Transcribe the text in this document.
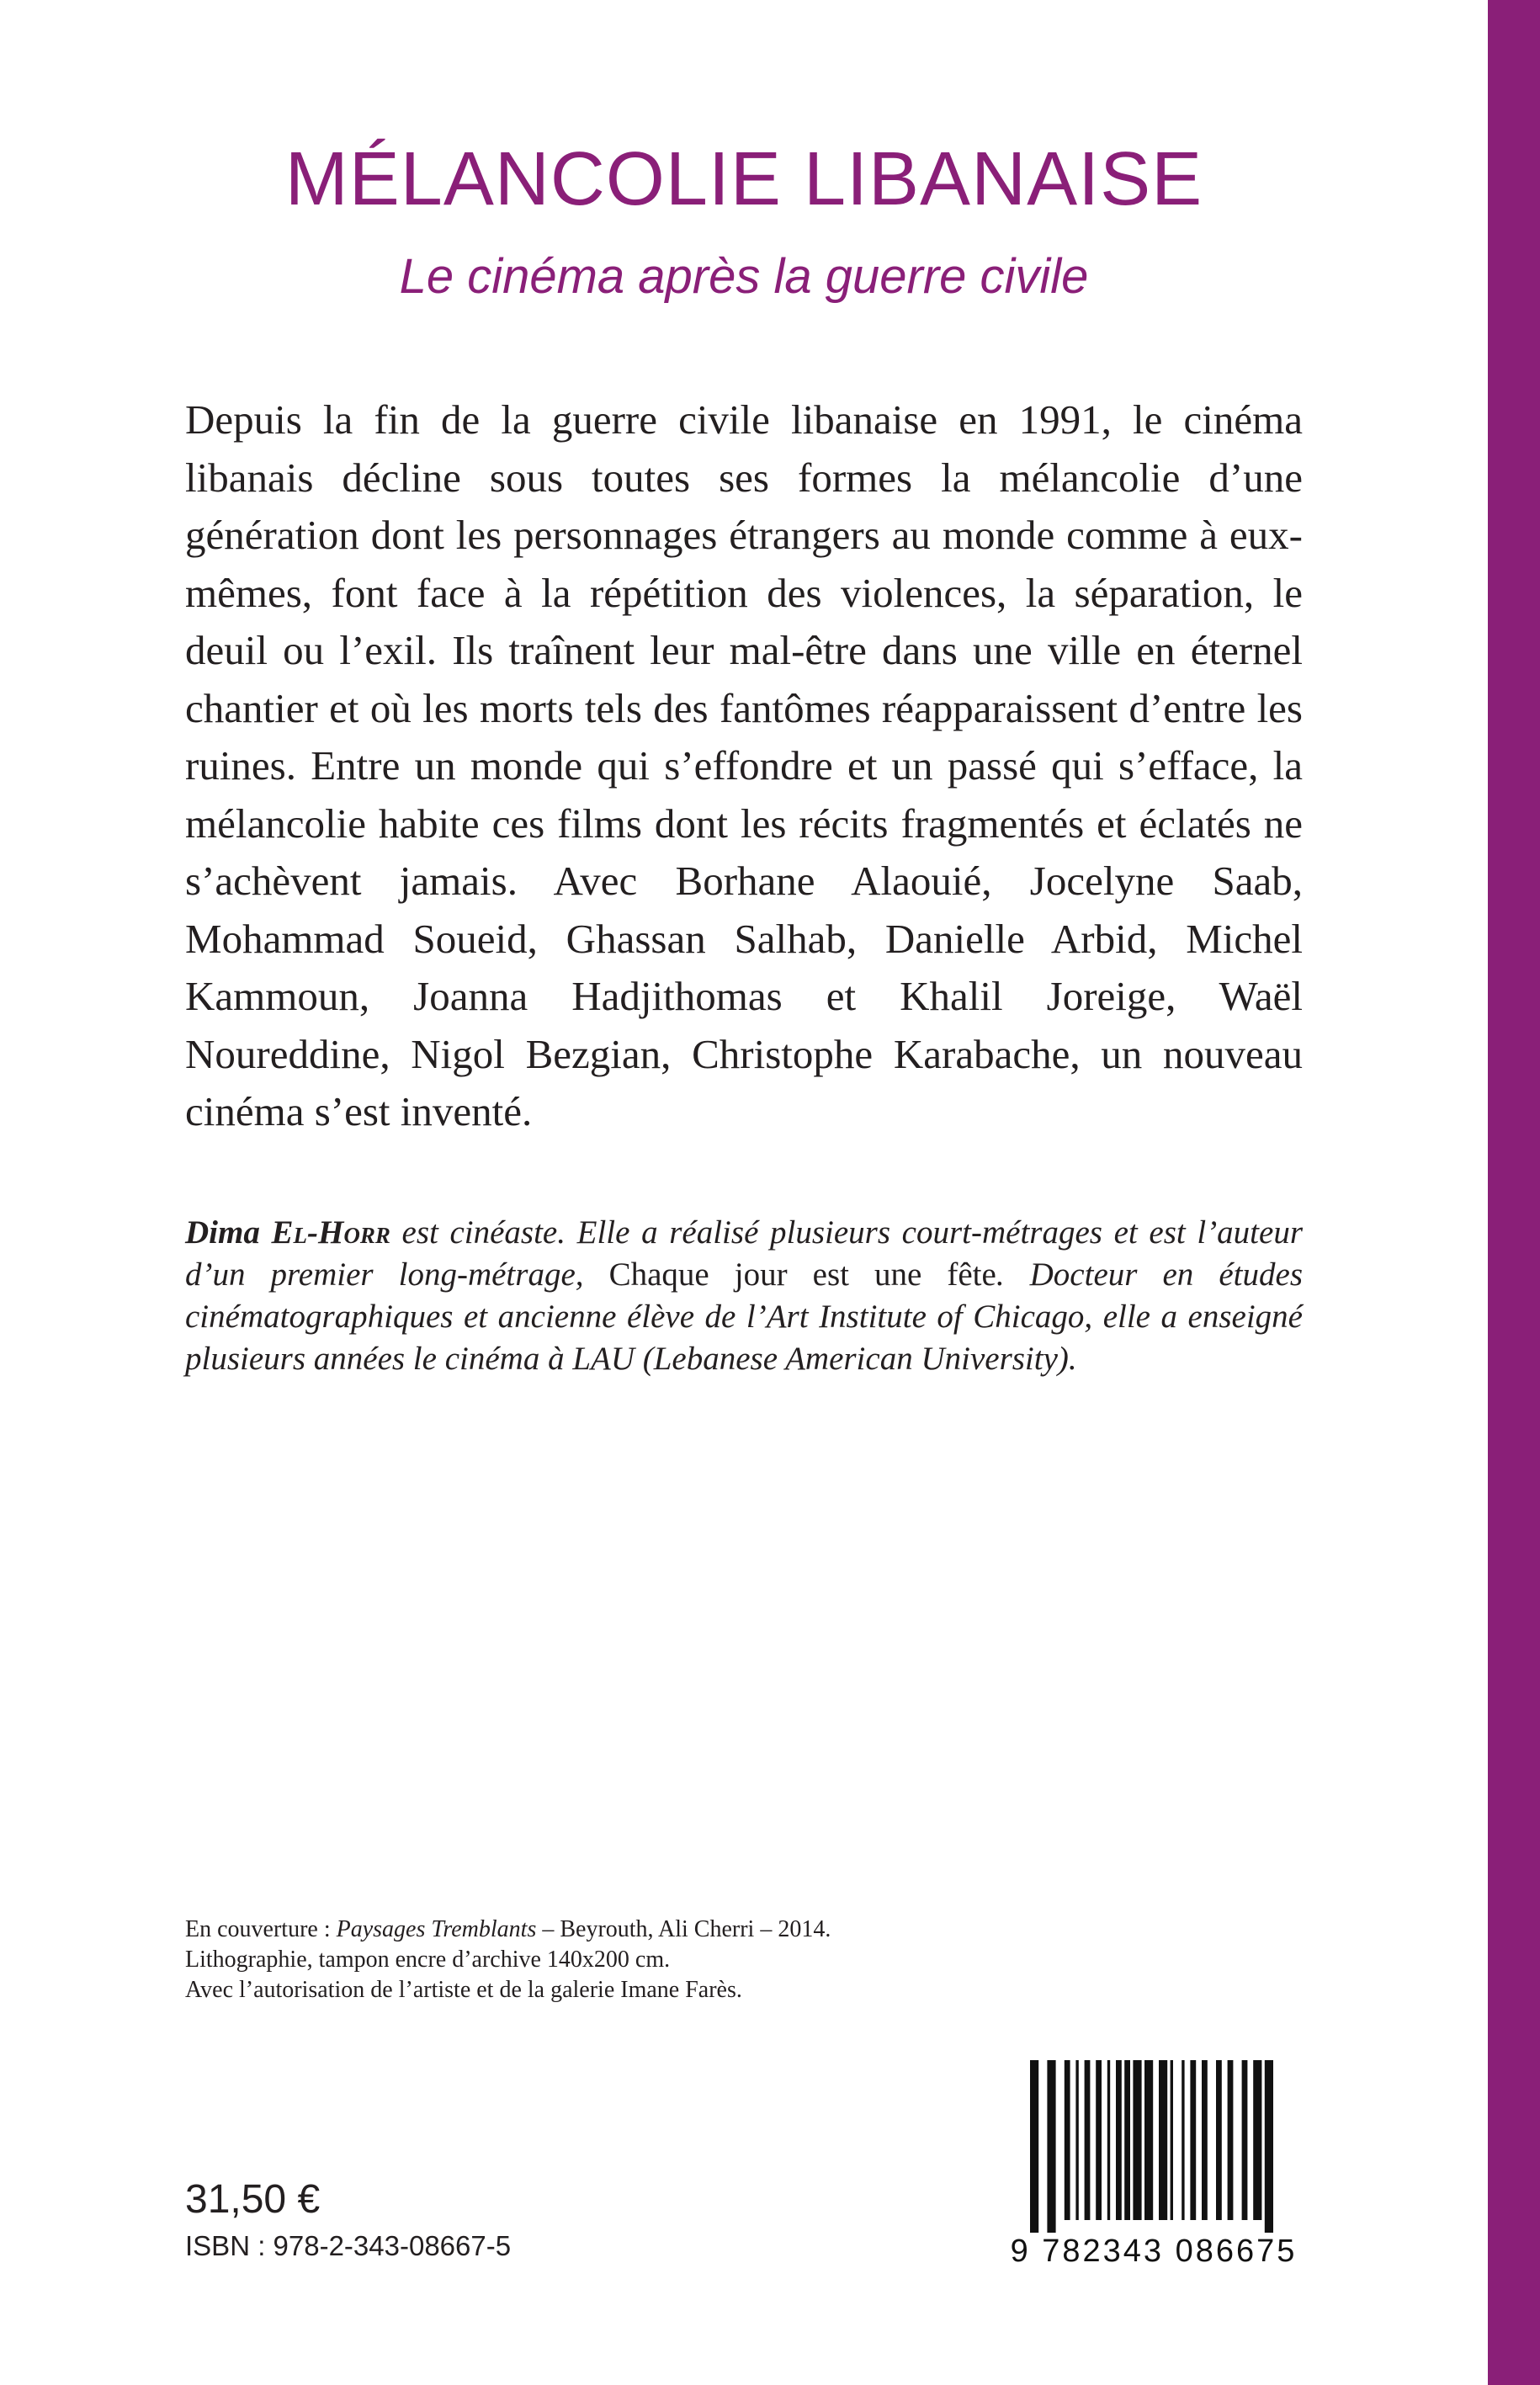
MÉLANCOLIE LIBANAISE
Le cinéma après la guerre civile
Depuis la fin de la guerre civile libanaise en 1991, le cinéma libanais décline sous toutes ses formes la mélancolie d’une génération dont les personnages étrangers au monde comme à eux-mêmes, font face à la répétition des violences, la séparation, le deuil ou l’exil. Ils traînent leur mal-être dans une ville en éternel chantier et où les morts tels des fantômes réapparaissent d’entre les ruines. Entre un monde qui s’effondre et un passé qui s’efface, la mélancolie habite ces films dont les récits fragmentés et éclatés ne s’achèvent jamais. Avec Borhane Alaouié, Jocelyne Saab, Mohammad Soueid, Ghassan Salhab, Danielle Arbid, Michel Kammoun, Joanna Hadjithomas et Khalil Joreige, Waël Noureddine, Nigol Bezgian, Christophe Karabache, un nouveau cinéma s’est inventé.
Dima El-Horr est cinéaste. Elle a réalisé plusieurs court-métrages et est l’auteur d’un premier long-métrage, Chaque jour est une fête. Docteur en études cinématographiques et ancienne élève de l’Art Institute of Chicago, elle a enseigné plusieurs années le cinéma à LAU (Lebanese American University).
En couverture : Paysages Tremblants – Beyrouth, Ali Cherri – 2014.
Lithographie, tampon encre d’archive 140x200 cm.
Avec l’autorisation de l’artiste et de la galerie Imane Farès.
31,50 €
ISBN : 978-2-343-08667-5	9 782343 086675
